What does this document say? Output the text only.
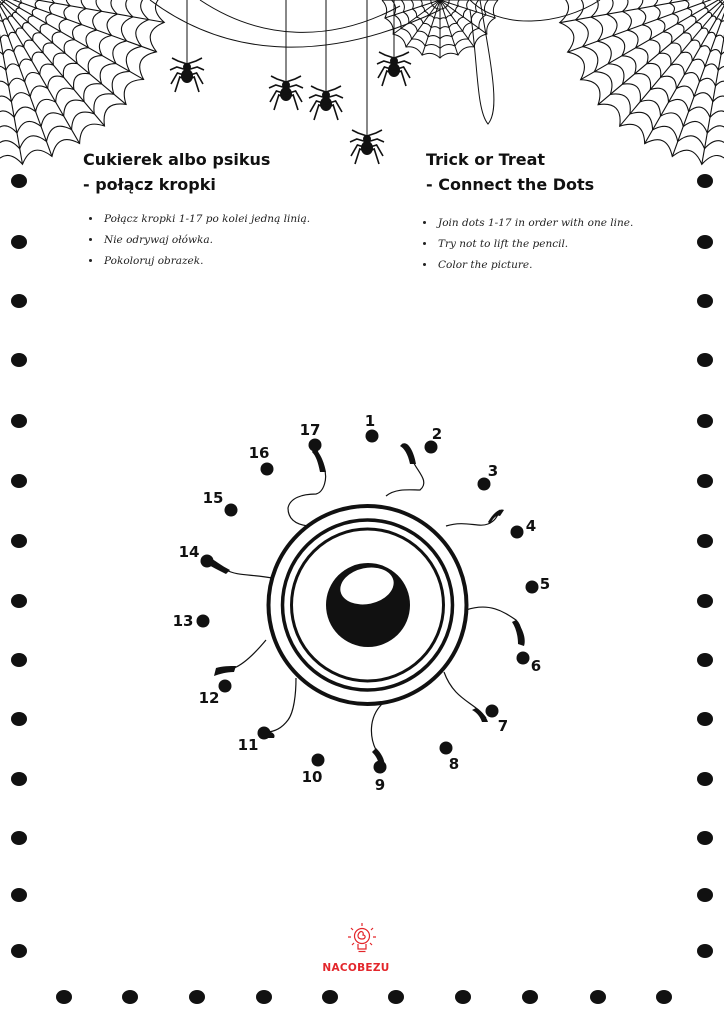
1
2
3
4
5
6
7
8
9
10
11
12
13
14
15
16
17
NACOBEZU
Cukierek albo psikus
- połącz kropki
• Połącz kropki 1-17 po kolei jedną linią.
• Nie odrywaj ołówka.
• Pokoloruj obrazek.
Trick or Treat
- Connect the Dots
• Join dots 1-17 in order with one line.
• Try not to lift the pencil.
• Color the picture.
